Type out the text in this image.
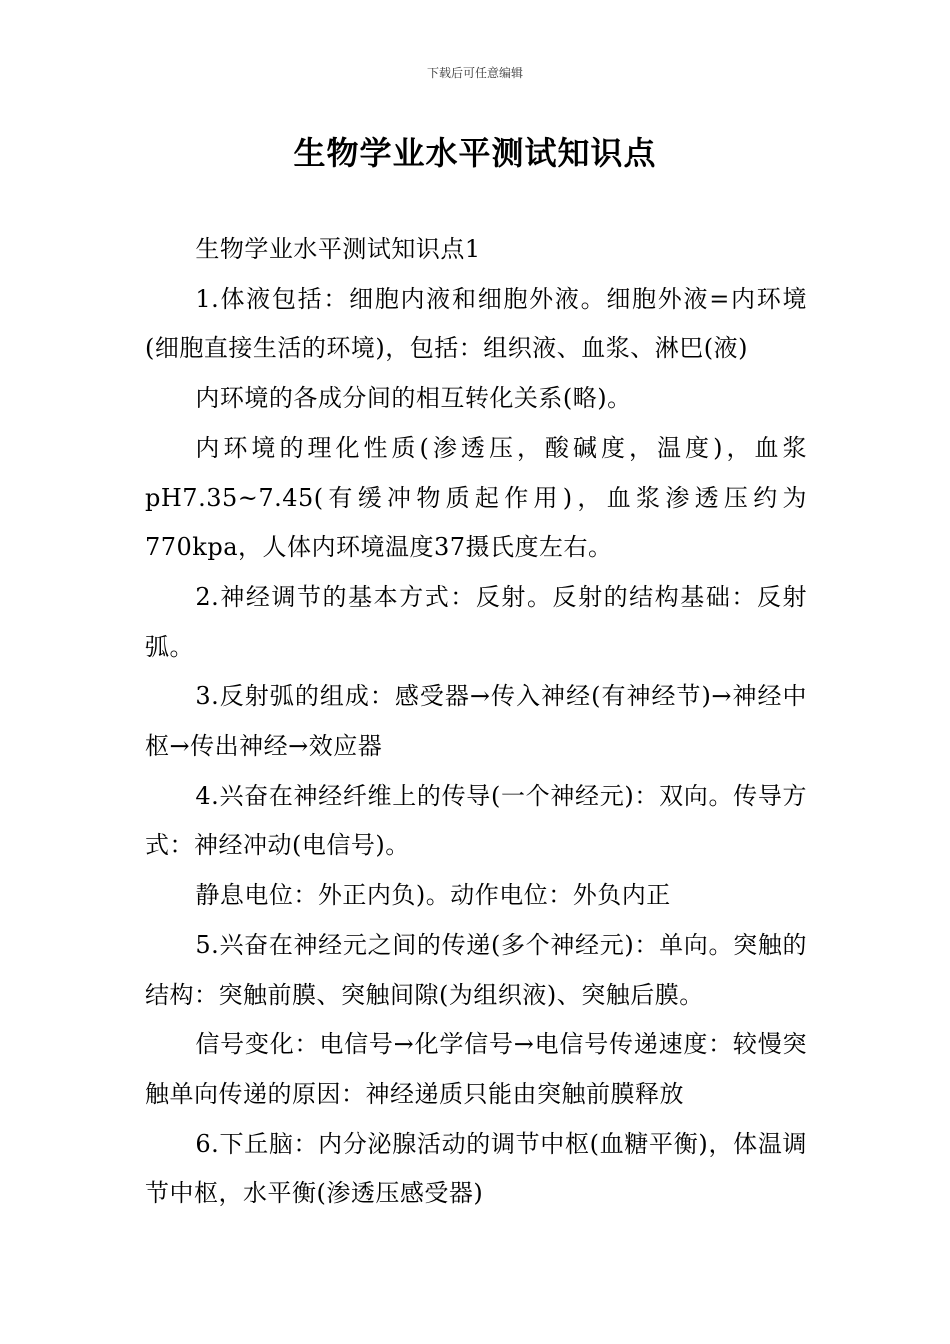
下载后可任意编辑
生物学业水平测试知识点

生物学业水平测试知识点1

1.体液包括：细胞内液和细胞外液。细胞外液=内环境(细胞直接生活的环境)，包括：组织液、血浆、淋巴(液)

内环境的各成分间的相互转化关系(略)。

内环境的理化性质(渗透压，酸碱度，温度)，血浆pH7.35~7.45(有缓冲物质起作用)，血浆渗透压约为770kpa，人体内环境温度37摄氏度左右。

2.神经调节的基本方式：反射。反射的结构基础：反射弧。

3.反射弧的组成：感受器→传入神经(有神经节)→神经中枢→传出神经→效应器

4.兴奋在神经纤维上的传导(一个神经元)：双向。传导方式：神经冲动(电信号)。

静息电位：外正内负)。动作电位：外负内正

5.兴奋在神经元之间的传递(多个神经元)：单向。突触的结构：突触前膜、突触间隙(为组织液)、突触后膜。

信号变化：电信号→化学信号→电信号传递速度：较慢突触单向传递的原因：神经递质只能由突触前膜释放

6.下丘脑：内分泌腺活动的调节中枢(血糖平衡)，体温调节中枢，水平衡(渗透压感受器)
